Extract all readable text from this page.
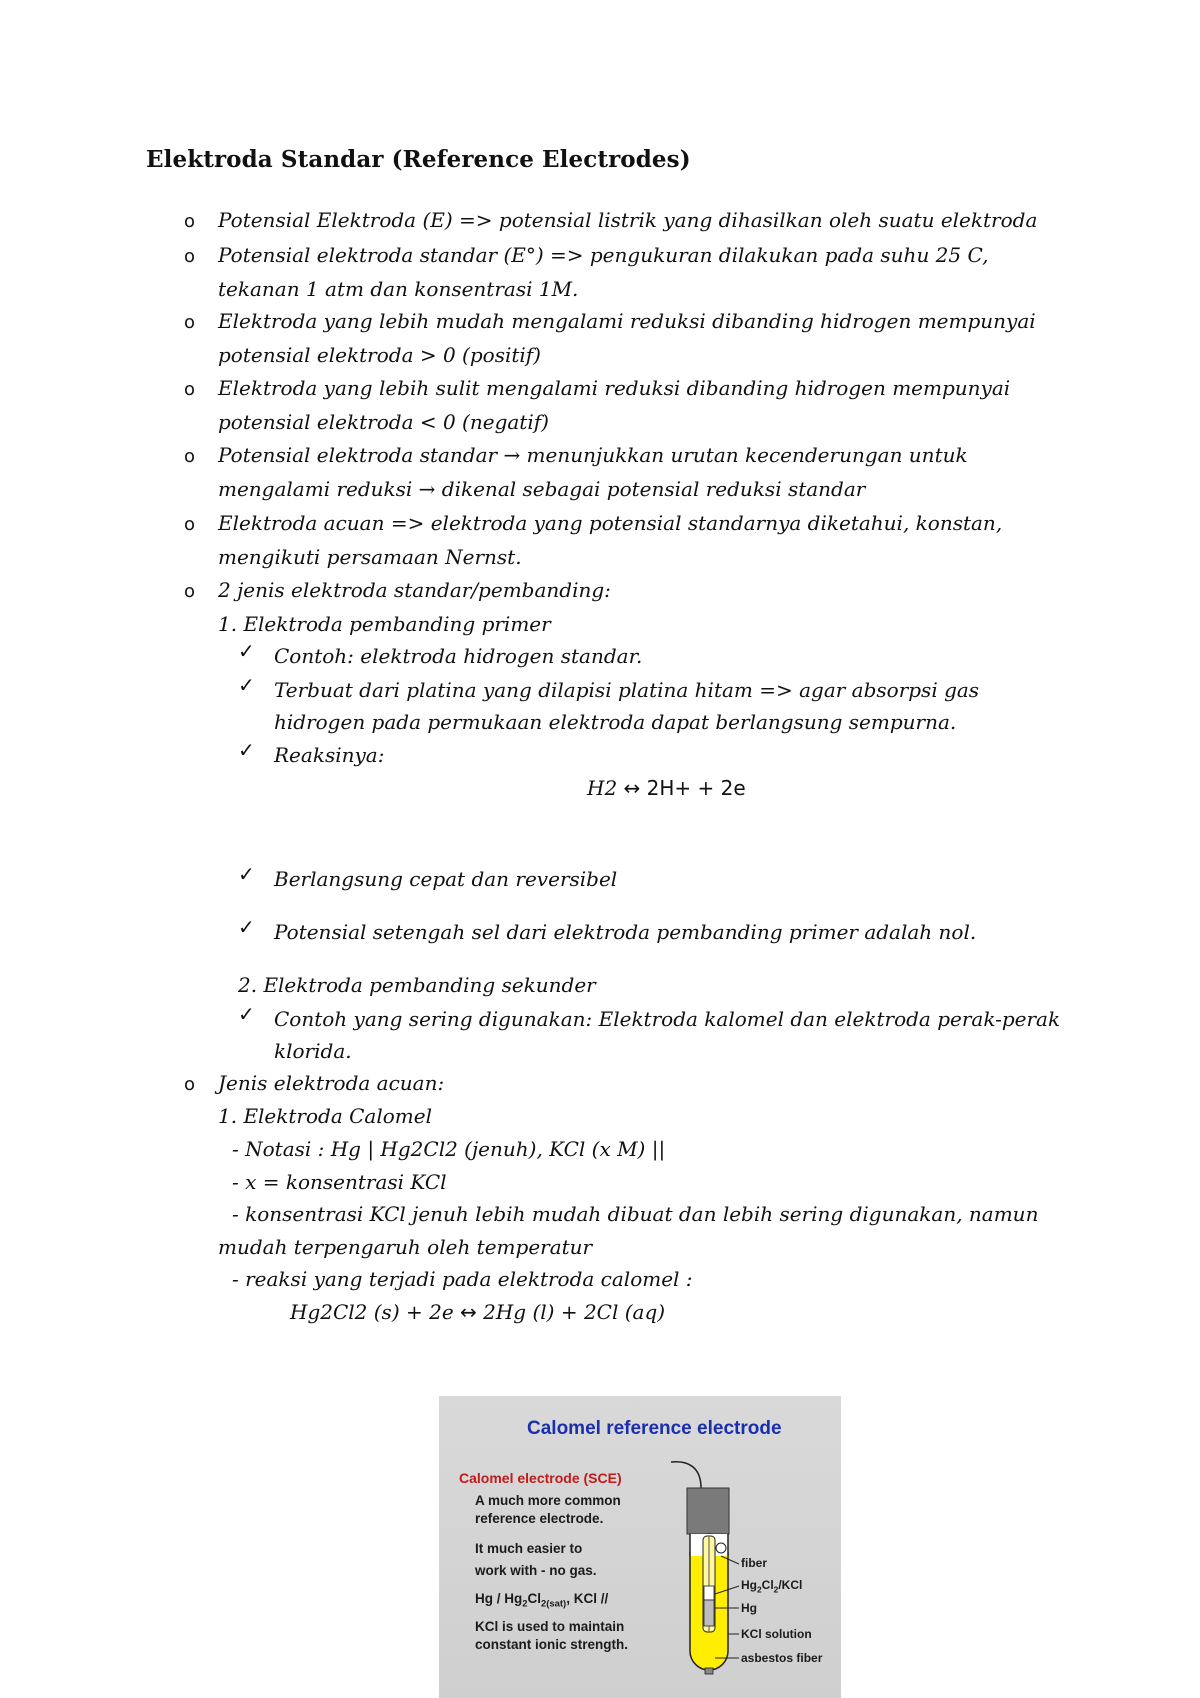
Elektroda Standar (Reference Electrodes)
o Potensial Elektroda (E) => potensial listrik yang dihasilkan oleh suatu elektroda
o Potensial elektroda standar (E°) => pengukuran dilakukan pada suhu 25 C,
tekanan 1 atm dan konsentrasi 1M.
o Elektroda yang lebih mudah mengalami reduksi dibanding hidrogen mempunyai
potensial elektroda > 0 (positif)
o Elektroda yang lebih sulit mengalami reduksi dibanding hidrogen mempunyai
potensial elektroda < 0 (negatif)
o Potensial elektroda standar → menunjukkan urutan kecenderungan untuk
mengalami reduksi → dikenal sebagai potensial reduksi standar
o Elektroda acuan => elektroda yang potensial standarnya diketahui, konstan,
mengikuti persamaan Nernst.
o 2 jenis elektroda standar/pembanding:
1. Elektroda pembanding primer
✓ Contoh: elektroda hidrogen standar.
✓ Terbuat dari platina yang dilapisi platina hitam => agar absorpsi gas
hidrogen pada permukaan elektroda dapat berlangsung sempurna.
✓ Reaksinya:
H2 ↔ 2H+ + 2e
✓ Berlangsung cepat dan reversibel
✓ Potensial setengah sel dari elektroda pembanding primer adalah nol.
2. Elektroda pembanding sekunder
✓ Contoh yang sering digunakan: Elektroda kalomel dan elektroda perak-perak
klorida.
o Jenis elektroda acuan:
1. Elektroda Calomel
- Notasi : Hg | Hg2Cl2 (jenuh), KCl (x M) ||
- x = konsentrasi KCl
- konsentrasi KCl jenuh lebih mudah dibuat dan lebih sering digunakan, namun
mudah terpengaruh oleh temperatur
- reaksi yang terjadi pada elektroda calomel :
Hg2Cl2 (s) + 2e ↔ 2Hg (l) + 2Cl (aq)
Calomel reference electrode
Calomel electrode (SCE)
A much more common
reference electrode.
It much easier to
work with - no gas.
Hg / $Hg_2Cl_{2(sat)}$, KCl //
KCl is used to maintain
constant ionic strength.
fiber
$Hg_2Cl_2$/KCl
Hg
KCl solution
asbestos fiber
